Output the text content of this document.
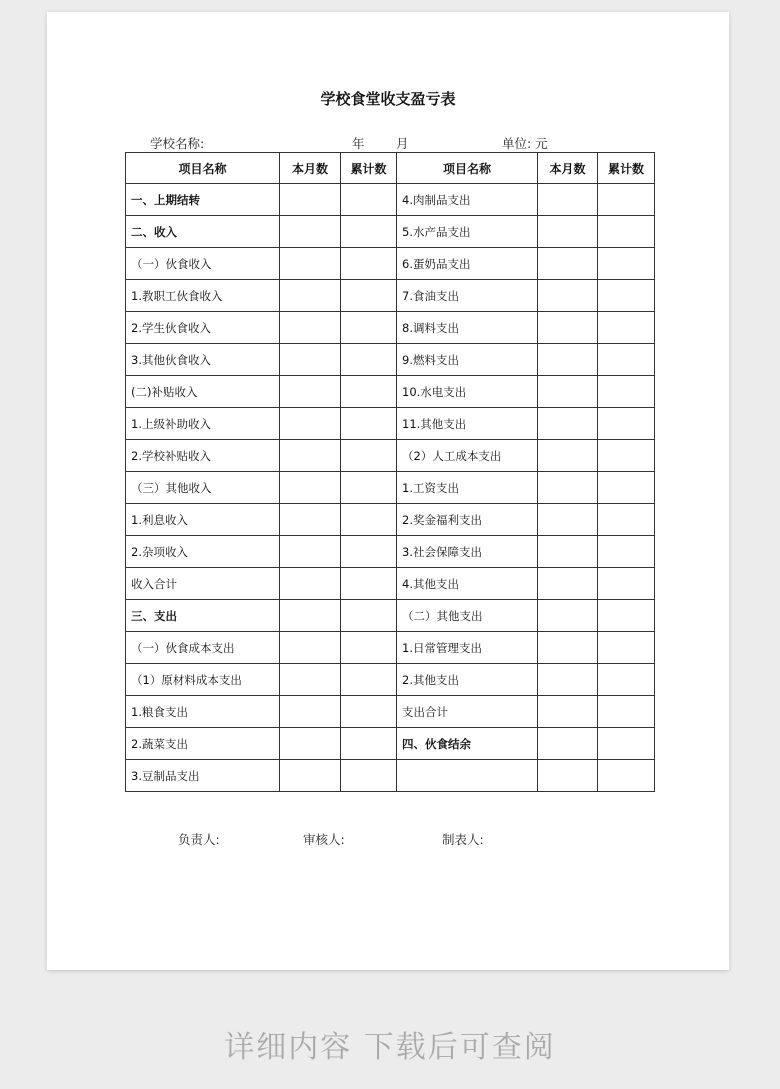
学校食堂收支盈亏表
学校名称:	年	月	单位: 元
项目名称	本月数	累计数	项目名称	本月数	累计数
一、上期结转			4.肉制品支出		
二、收入			5.水产品支出		
（一）伙食收入			6.蛋奶品支出		
1.教职工伙食收入			7.食油支出		
2.学生伙食收入			8.调料支出		
3.其他伙食收入			9.燃料支出		
(二)补贴收入			10.水电支出		
1.上级补助收入			11.其他支出		
2.学校补贴收入			（2）人工成本支出		
（三）其他收入			1.工资支出		
1.利息收入			2.奖金福利支出		
2.杂项收入			3.社会保障支出		
收入合计			4.其他支出		
三、支出			（二）其他支出		
（一）伙食成本支出			1.日常管理支出		
（1）原材料成本支出			2.其他支出		
1.粮食支出			支出合计		
2.蔬菜支出			四、伙食结余		
3.豆制品支出					
负责人:	审核人:	制表人:
详细内容 下载后可查阅
